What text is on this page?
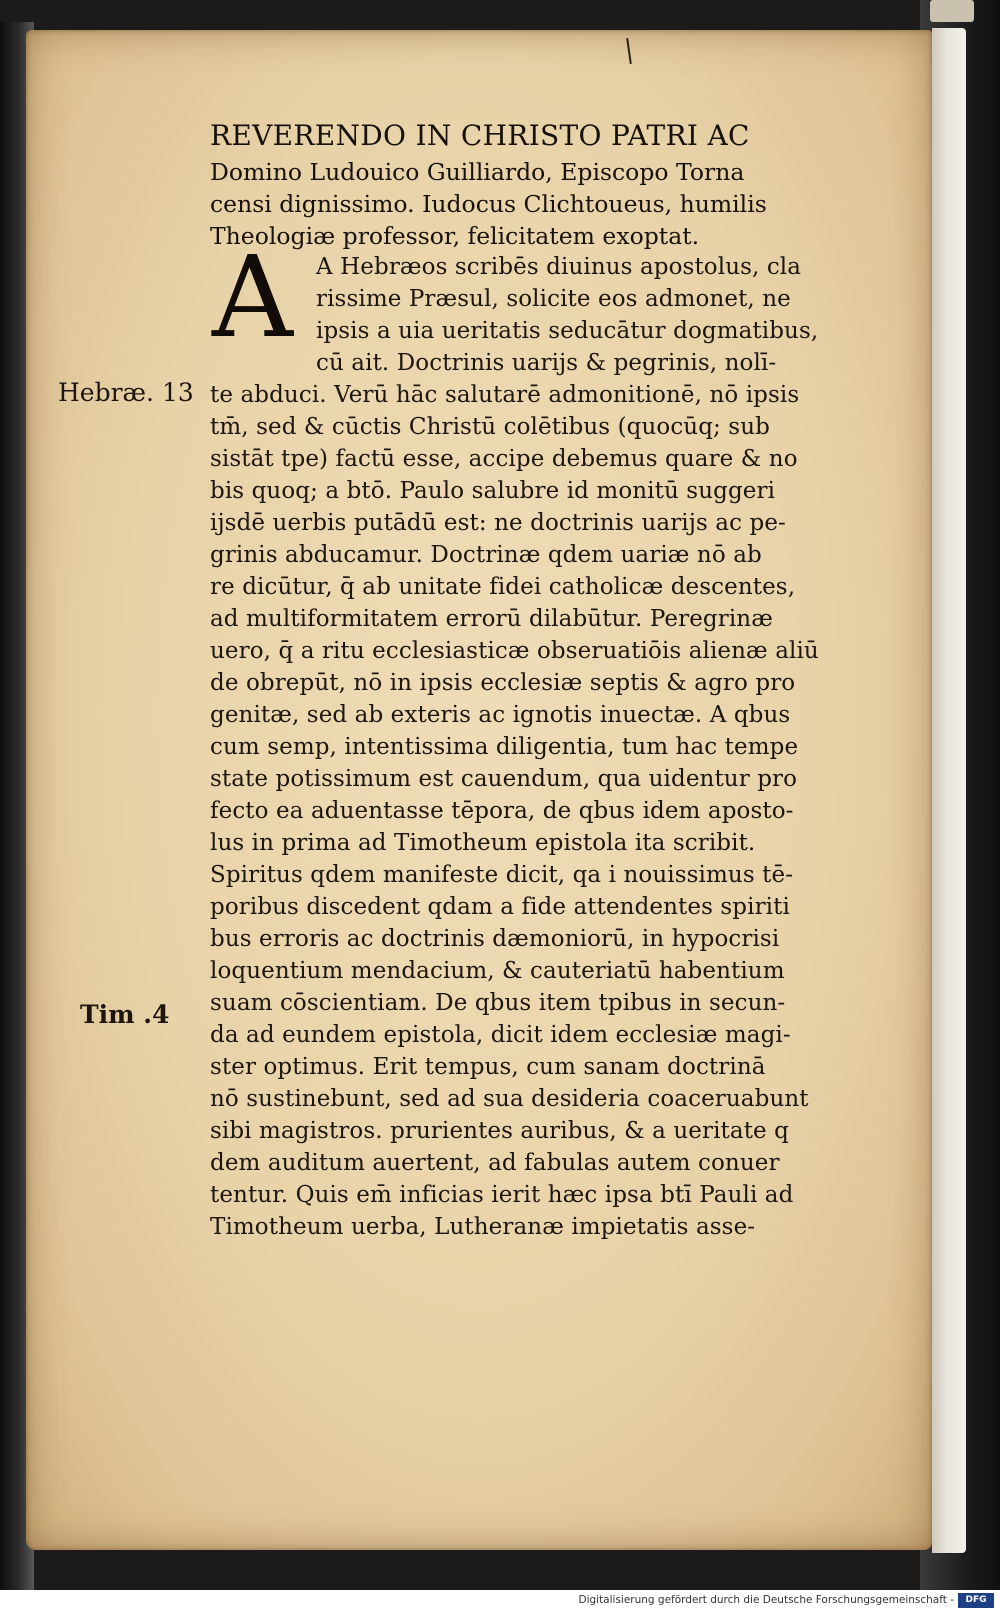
REVERENDO IN CHRISTO PATRI AC

Domino Ludouico Guilliardo, Episcopo Torna

censi dignissimo. Iudocus Clichtoueus, humilis

Theologiæ professor, felicitatem exoptat.

A A Hebræos scribēs diuinus apostolus, cla

rissime Præsul, solicite eos admonet, ne

ipsis a uia ueritatis seducātur dogmatibus,

cū ait. Doctrinis uarijs & pegrinis, nolī-

Hebræ. 13

Tim .4

te abduci. Verū hāc salutarē admonitionē, nō ipsis

tm̄, sed & cūctis Christū colētibus (quocūq; sub

sistāt tpe) factū esse, accipe debemus quare & no

bis quoq; a btō. Paulo salubre id monitū suggeri

ijsdē uerbis putādū est: ne doctrinis uarijs ac pe-

grinis abducamur. Doctrinæ qdem uariæ nō ab

re dicūtur, q̄ ab unitate fidei catholicæ descentes,

ad multiformitatem errorū dilabūtur. Peregrinæ

uero, q̄ a ritu ecclesiasticæ obseruatiōis alienæ aliū

de obrepūt, nō in ipsis ecclesiæ septis & agro pro

genitæ, sed ab exteris ac ignotis inuectæ. A qbus

cum semp, intentissima diligentia, tum hac tempe

state potissimum est cauendum, qua uidentur pro

fecto ea aduentasse tēpora, de qbus idem aposto-

lus in prima ad Timotheum epistola ita scribit.

Spiritus qdem manifeste dicit, qa i nouissimus tē-

poribus discedent qdam a fide attendentes spiriti

bus erroris ac doctrinis dæmoniorū, in hypocrisi

loquentium mendacium, & cauteriatū habentium

suam cōscientiam. De qbus item tpibus in secun-

da ad eundem epistola, dicit idem ecclesiæ magi-

ster optimus. Erit tempus, cum sanam doctrinā

nō sustinebunt, sed ad sua desideria coaceruabunt

sibi magistros. prurientes auribus, & a ueritate q

dem auditum auertent, ad fabulas autem conuer

tentur. Quis em̄ inficias ierit hæc ipsa btī Pauli ad

Timotheum uerba, Lutheranæ impietatis asse-

Digitalisierung gefördert durch die Deutsche Forschungsgemeinschaft -	DFG
